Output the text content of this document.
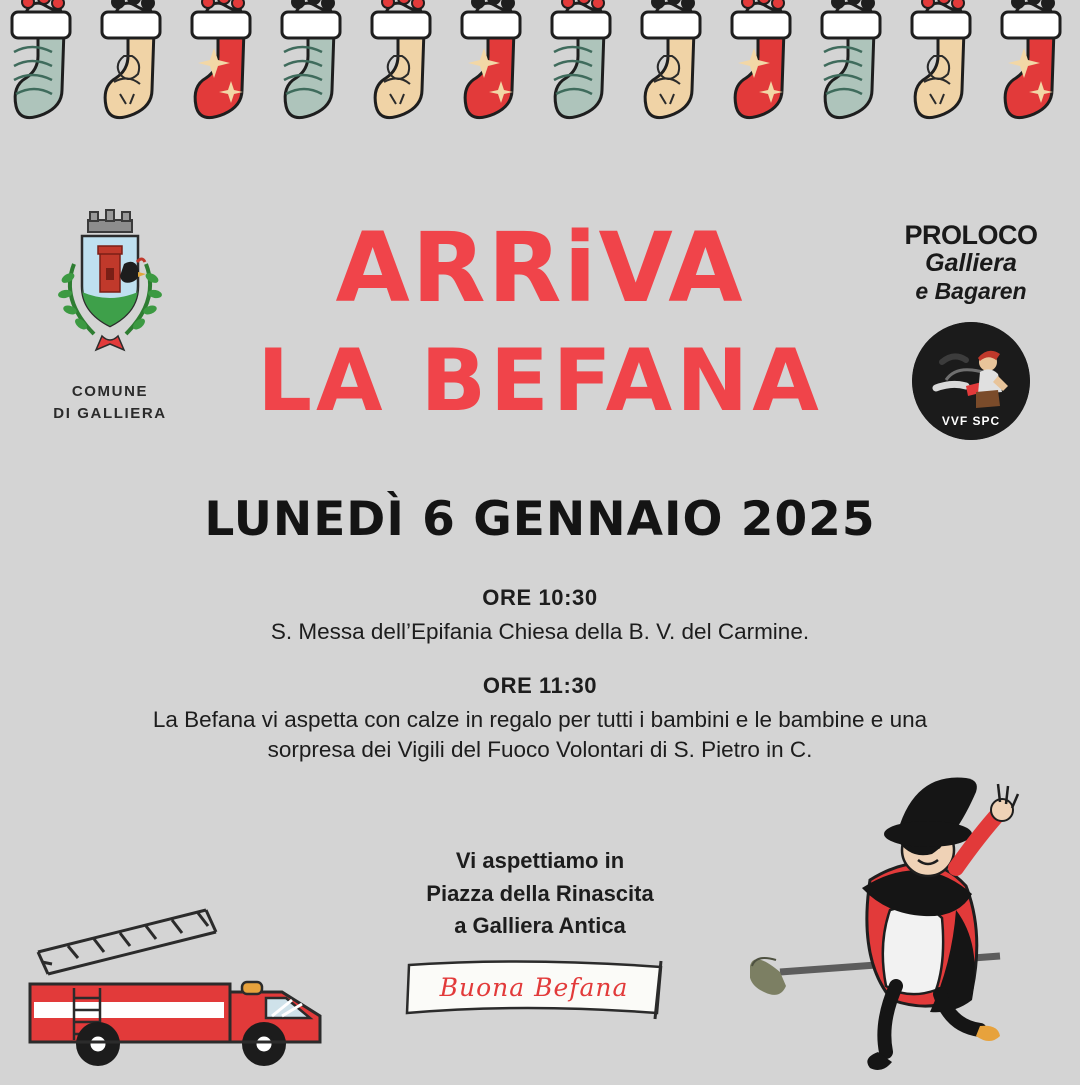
COMUNE
DI GALLIERA
PROLOCO
Galliera
e Bagaren
VVF SPC
ARRiVA
LA BEFANA
LUNEDÌ 6 GENNAIO 2025
ORE 10:30
S. Messa dell’Epifania Chiesa della B. V. del Carmine.
ORE 11:30
La Befana vi aspetta con calze in regalo per tutti i bambini e le bambine e una sorpresa dei Vigili del Fuoco Volontari di S. Pietro in C.
Vi aspettiamo in
Piazza della Rinascita
a Galliera Antica
Buona Befana
